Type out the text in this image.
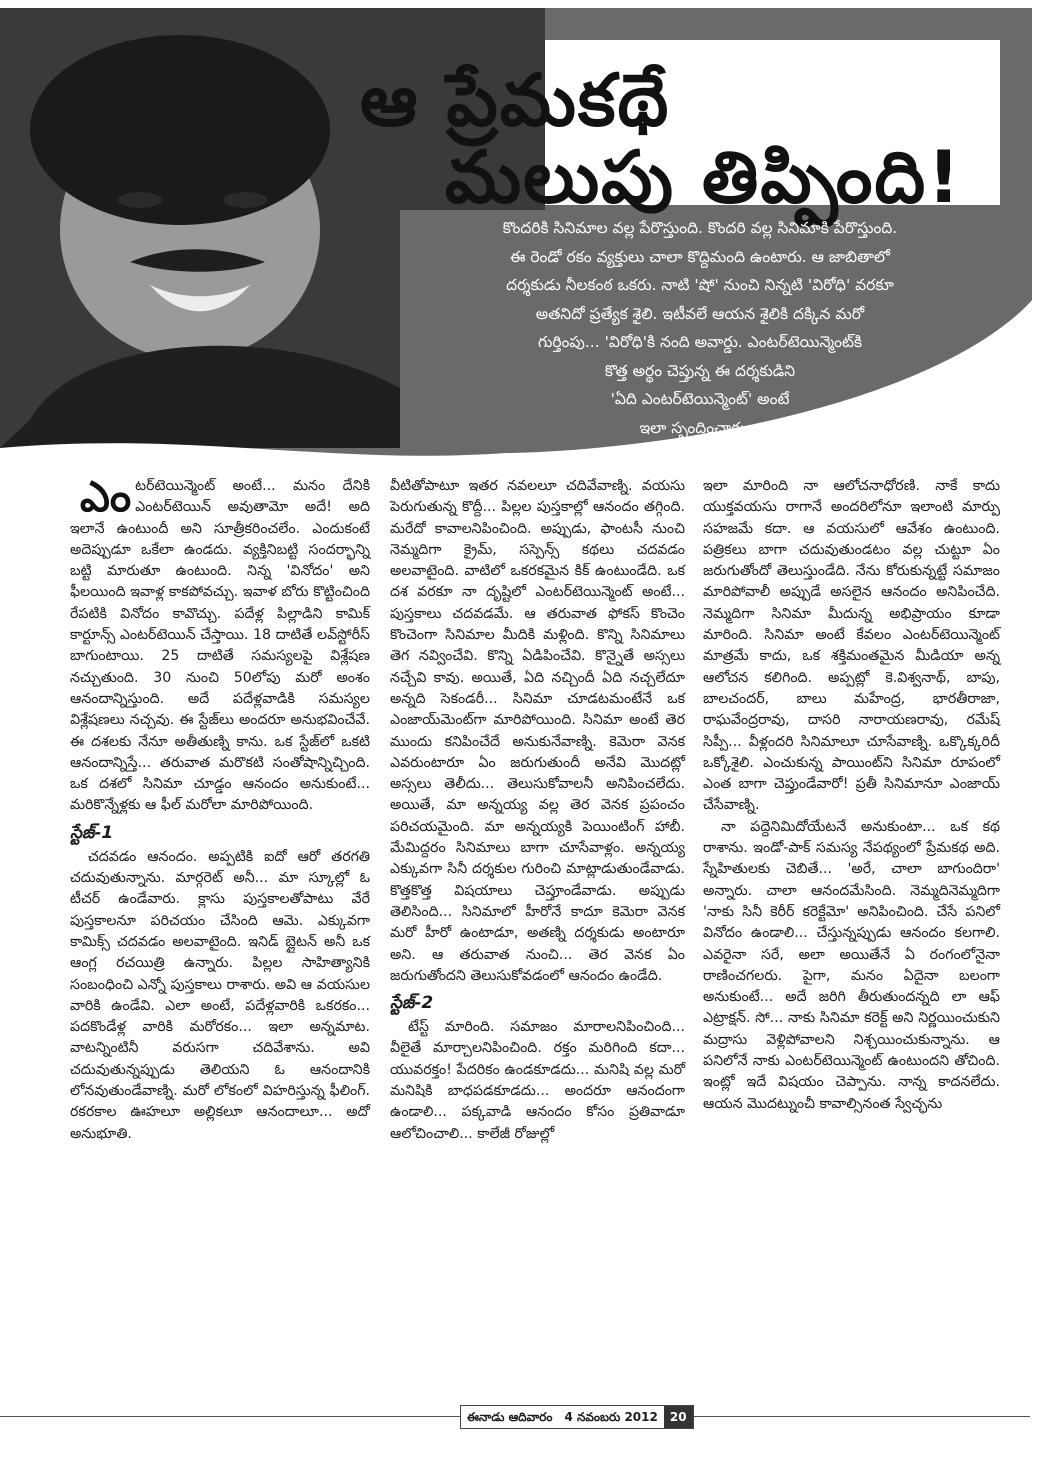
ఆ ప్రేమకథే
మలుపు తిప్పింది!
కొందరికి సినిమాల వల్ల పేరొస్తుంది. కొందరి వల్ల సినిమాకి పేరొస్తుంది.
ఈ రెండో రకం వ్యక్తులు చాలా కొద్దిమంది ఉంటారు. ఆ జాబితాలో
దర్శకుడు నీలకంఠ ఒకరు. నాటి 'షో' నుంచి నిన్నటి 'విరోధి' వరకూ
అతనిదో ప్రత్యేక శైలి. ఇటీవలే ఆయన శైలికి దక్కిన మరో
గుర్తింపు... 'విరోధి'కి నంది అవార్డు. ఎంటర్‌టెయిన్మెంట్‌కి
కొత్త అర్థం చెప్తున్న ఈ దర్శకుడిని
'ఏది ఎంటర్‌టెయిన్మెంట్' అంటే
ఇలా స్పందించారు...
ఎం టర్‌టెయిన్మెంట్ అంటే... మనం దేనికి ఎంటర్‌టెయిన్ అవుతామో అదే! అది ఇలానే ఉంటుందీ అని సూత్రీకరించలేం. ఎందుకంటే అదెప్పుడూ ఒకేలా ఉండదు. వ్యక్తినిబట్టి సందర్భాన్ని బట్టి మారుతూ ఉంటుంది. నిన్న 'వినోదం' అని ఫీలయింది ఇవాళ్ల కాకపోవచ్చు. ఇవాళ బోరు కొట్టించింది రేపటికి వినోదం కావొచ్చు. పదేళ్ల పిల్లాడిని కామిక్ కార్టూన్స్ ఎంటర్‌టెయిన్ చేస్తాయి. 18 దాటితే లవ్‌స్టోరీస్ బాగుంటాయి. 25 దాటితే సమస్యలపై విశ్లేషణ నచ్చుతుంది. 30 నుంచి 50లోపు మరో అంశం ఆనందాన్నిస్తుంది. అదే పదేళ్లవాడికి సమస్యల విశ్లేషణలు నచ్చవు. ఈ స్టేజ్‌లు అందరూ అనుభవించేవే. ఈ దశలకు నేనూ అతీతుణ్ని కాను. ఒక స్టేజ్‌లో ఒకటి ఆనందాన్నిస్తే... తరువాత మరొకటి సంతోషాన్నిచ్చింది. ఒక దశలో సినిమా చూడ్డం ఆనందం అనుకుంటే... మరికొన్నేళ్లకు ఆ ఫీల్ మరోలా మారిపోయింది.

స్టేజ్-1

చదవడం ఆనందం. అప్పటికి ఐదో ఆరో తరగతి చదువుతున్నాను. మార్గరెట్ అనీ... మా స్కూల్లో ఓ టీచర్ ఉండేవారు. క్లాసు పుస్తకాలతోపాటు వేరే పుస్తకాలనూ పరిచయం చేసింది ఆమె. ఎక్కువగా కామిక్స్ చదవడం అలవాటైంది. ఇనిడ్ బ్లైటన్ అనీ ఒక ఆంగ్ల రచయిత్రి ఉన్నారు. పిల్లల సాహిత్యానికి సంబంధించి ఎన్నో పుస్తకాలు రాశారు. అవి ఆ వయసుల వారికి ఉండేవి. ఎలా అంటే, పదేళ్లవారికి ఒకరకం... పదకొండేళ్ల వారికి మరోరకం... ఇలా అన్నమాట. వాటన్నింటినీ వరుసగా చదివేశాను. అవి చదువుతున్నప్పుడు తెలియని ఓ ఆనందానికి లోనవుతుండేవాణ్ని. మరో లోకంలో విహరిస్తున్న ఫీలింగ్. రకరకాల ఊహలూ అల్లికలూ ఆనందాలూ... అదో అనుభూతి.

వీటితోపాటూ ఇతర నవలలూ చదివేవాణ్ని. వయసు పెరుగుతున్న కొద్దీ... పిల్లల పుస్తకాల్లో ఆనందం తగ్గింది. మరేదో కావాలనిపించింది. అప్పుడు, ఫాంటసీ నుంచి నెమ్మదిగా క్రైమ్, సస్పెన్స్ కథలు చదవడం అలవాటైంది. వాటిలో ఒకరకమైన కిక్ ఉంటుండేది. ఒక దశ వరకూ నా దృష్టిలో ఎంటర్‌టెయిన్మెంట్ అంటే... పుస్తకాలు చదవడమే. ఆ తరువాత ఫోకస్ కొంచెం కొంచెంగా సినిమాల మీదికి మళ్లింది. కొన్ని సినిమాలు తెగ నవ్వించేవి. కొన్ని ఏడిపించేవి. కొన్నైతే అస్సలు నచ్చేవి కావు. అయితే, ఏది నచ్చిందీ ఏది నచ్చలేదూ అన్నది సెకండరీ... సినిమా చూడటమంటేనే ఒక ఎంజాయ్‌మెంట్‌గా మారిపోయింది. సినిమా అంటే తెర ముందు కనిపించేదే అనుకునేవాణ్ని. కెమెరా వెనక ఎవరుంటారూ ఏం జరుగుతుందీ అనేవి మొదట్లో అస్సలు తెలీదు... తెలుసుకోవాలనీ అనిపించలేదు. అయితే, మా అన్నయ్య వల్ల తెర వెనక ప్రపంచం పరిచయమైంది. మా అన్నయ్యకి పెయింటింగ్ హాబీ. మేమిద్దరం సినిమాలు బాగా చూసేవాళ్లం. అన్నయ్య ఎక్కువగా సినీ దర్శకుల గురించి మాట్లాడుతుండేవాడు. కొత్తకొత్త విషయాలు చెప్తూండేవాడు. అప్పుడు తెలిసింది... సినిమాలో హీరోనే కాదూ కెమెరా వెనక మరో హీరో ఉంటాడూ, అతణ్ని దర్శకుడు అంటారూ అని. ఆ తరువాత నుంచి... తెర వెనక ఏం జరుగుతోందని తెలుసుకోవడంలో ఆనందం ఉండేది.

స్టేజ్-2

టేస్ట్ మారింది. సమాజం మారాలనిపించింది... వీలైతే మార్చాలనిపించింది. రక్తం మరిగింది కదా... యువరక్తం! పేదరికం ఉండకూడదు... మనిషి వల్ల మరో మనిషికి బాధపడకూడదు... అందరూ ఆనందంగా ఉండాలి... పక్కవాడి ఆనందం కోసం ప్రతివాడూ ఆలోచించాలి... కాలేజీ రోజుల్లో

ఇలా మారింది నా ఆలోచనాధోరణి. నాకే కాదు యుక్తవయసు రాగానే అందరిలోనూ ఇలాంటి మార్పు సహజమే కదా. ఆ వయసులో ఆవేశం ఉంటుంది. పత్రికలు బాగా చదువుతుండటం వల్ల చుట్టూ ఏం జరుగుతోందో తెలుస్తుండేది. నేను కోరుకున్నట్టే సమాజం మారిపోవాలీ అప్పుడే అసలైన ఆనందం అనిపించేది. నెమ్మదిగా సినిమా మీదున్న అభిప్రాయం కూడా మారింది. సినిమా అంటే కేవలం ఎంటర్‌టెయిన్మెంట్ మాత్రమే కాదు, ఒక శక్తిమంతమైన మీడియా అన్న ఆలోచన కలిగింది. అప్పట్లో కె.విశ్వనాథ్, బాపు, బాలచందర్, బాలు మహేంద్ర, భారతీరాజా, రాఘవేంద్రరావు, దాసరి నారాయణరావు, రమేష్ సిప్పీ... వీళ్లందరి సినిమాలూ చూసేవాణ్ని. ఒక్కొక్కరిదీ ఒక్కోశైలి. ఎంచుకున్న పాయింట్‌ని సినిమా రూపంలో ఎంత బాగా చెప్తుండేవారో! ప్రతీ సినిమానూ ఎంజాయ్ చేసేవాణ్ని.

నా పద్దెనిమిదోయేటనే అనుకుంటా... ఒక కథ రాశాను. ఇండో-పాక్ సమస్య నేపథ్యంలో ప్రేమకథ అది. స్నేహితులకు చెబితే... 'అరే, చాలా బాగుందిరా' అన్నారు. చాలా ఆనందమేసింది. నెమ్మదినెమ్మదిగా 'నాకు సినీ కెరీర్ కరెక్టేమో' అనిపించింది. చేసే పనిలో వినోదం ఉండాలి... చేస్తున్నప్పుడు ఆనందం కలగాలి. ఎవరైనా సరే, అలా అయితేనే ఏ రంగంలోనైనా రాణించగలరు. పైగా, మనం ఏదైనా బలంగా అనుకుంటే... అదే జరిగి తీరుతుందన్నది లా ఆఫ్ ఎట్రాక్షన్. సో... నాకు సినిమా కరెక్ట్ అని నిర్ణయించుకుని మద్రాసు వెళ్లిపోవాలని నిశ్చయించుకున్నాను. ఆ పనిలోనే నాకు ఎంటర్‌టెయిన్మెంట్ ఉంటుందని తోచింది. ఇంట్లో ఇదే విషయం చెప్పాను. నాన్న కాదనలేదు. ఆయన మొదట్నుంచీ కావాల్సినంత స్వేచ్ఛను

ఈనాడు ఆదివారం	4 నవంబరు 2012	20
